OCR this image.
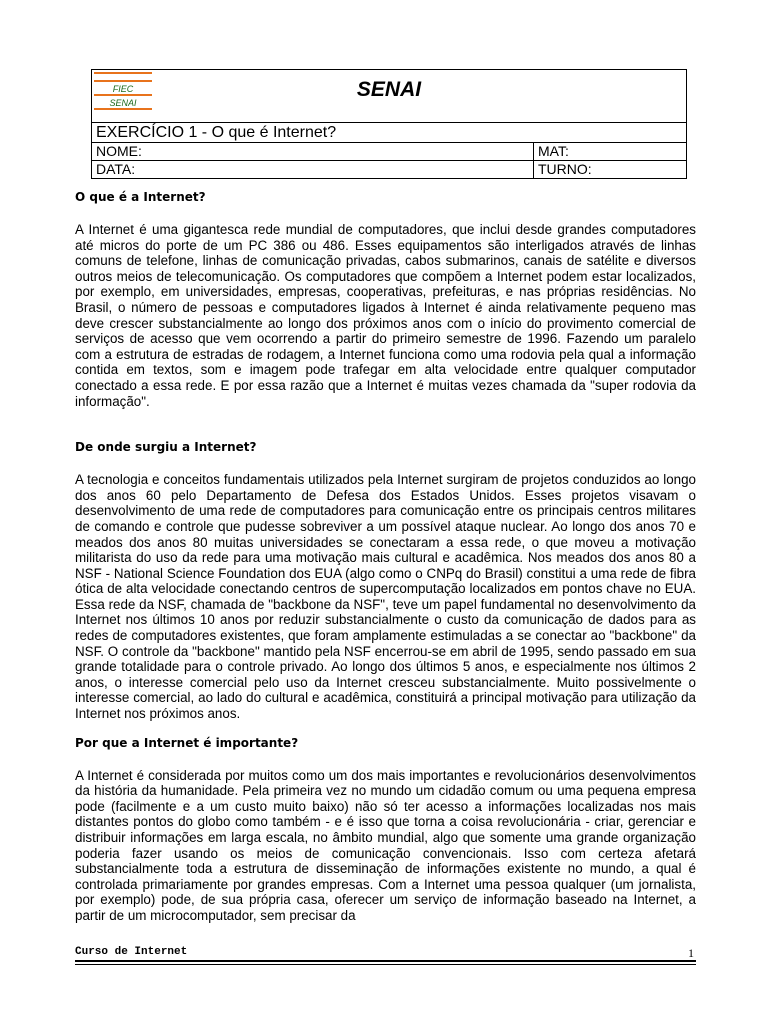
FIEC
SENAI
SENAI
EXERCÍCIO 1 - O que é Internet?
NOME:	MAT:
DATA:	TURNO:
O que é a Internet?

A Internet é uma gigantesca rede mundial de computadores, que inclui desde grandes computadores até micros do porte de um PC 386 ou 486. Esses equipamentos são interligados através de linhas comuns de telefone, linhas de comunicação privadas, cabos submarinos, canais de satélite e diversos outros meios de telecomunicação. Os computadores que compõem a Internet podem estar localizados, por exemplo, em universidades, empresas, cooperativas, prefeituras, e nas próprias residências. No Brasil, o número de pessoas e computadores ligados à Internet é ainda relativamente pequeno mas deve crescer substancialmente ao longo dos próximos anos com o início do provimento comercial de serviços de acesso que vem ocorrendo a partir do primeiro semestre de 1996. Fazendo um paralelo com a estrutura de estradas de rodagem, a Internet funciona como uma rodovia pela qual a informação contida em textos, som e imagem pode trafegar em alta velocidade entre qualquer computador conectado a essa rede. E por essa razão que a Internet é muitas vezes chamada da "super rodovia da informação".

De onde surgiu a Internet?

A tecnologia e conceitos fundamentais utilizados pela Internet surgiram de projetos conduzidos ao longo dos anos 60 pelo Departamento de Defesa dos Estados Unidos. Esses projetos visavam o desenvolvimento de uma rede de computadores para comunicação entre os principais centros militares de comando e controle que pudesse sobreviver a um possível ataque nuclear. Ao longo dos anos 70 e meados dos anos 80 muitas universidades se conectaram a essa rede, o que moveu a motivação militarista do uso da rede para uma motivação mais cultural e acadêmica. Nos meados dos anos 80 a NSF - National Science Foundation dos EUA (algo como o CNPq do Brasil) constitui a uma rede de fibra ótica de alta velocidade conectando centros de supercomputação localizados em pontos chave no EUA. Essa rede da NSF, chamada de "backbone da NSF", teve um papel fundamental no desenvolvimento da Internet nos últimos 10 anos por reduzir substancialmente o custo da comunicação de dados para as redes de computadores existentes, que foram amplamente estimuladas a se conectar ao "backbone" da NSF. O controle da "backbone" mantido pela NSF encerrou-se em abril de 1995, sendo passado em sua grande totalidade para o controle privado. Ao longo dos últimos 5 anos, e especialmente nos últimos 2 anos, o interesse comercial pelo uso da Internet cresceu substancialmente. Muito possivelmente o interesse comercial, ao lado do cultural e acadêmica, constituirá a principal motivação para utilização da Internet nos próximos anos.

Por que a Internet é importante?

A Internet é considerada por muitos como um dos mais importantes e revolucionários desenvolvimentos da história da humanidade. Pela primeira vez no mundo um cidadão comum ou uma pequena empresa pode (facilmente e a um custo muito baixo) não só ter acesso a informações localizadas nos mais distantes pontos do globo como também - e é isso que torna a coisa revolucionária - criar, gerenciar e distribuir informações em larga escala, no âmbito mundial, algo que somente uma grande organização poderia fazer usando os meios de comunicação convencionais. Isso com certeza afetará substancialmente toda a estrutura de disseminação de informações existente no mundo, a qual é controlada primariamente por grandes empresas. Com a Internet uma pessoa qualquer (um jornalista, por exemplo) pode, de sua própria casa, oferecer um serviço de informação baseado na Internet, a partir de um microcomputador, sem precisar da

Curso de Internet	1
